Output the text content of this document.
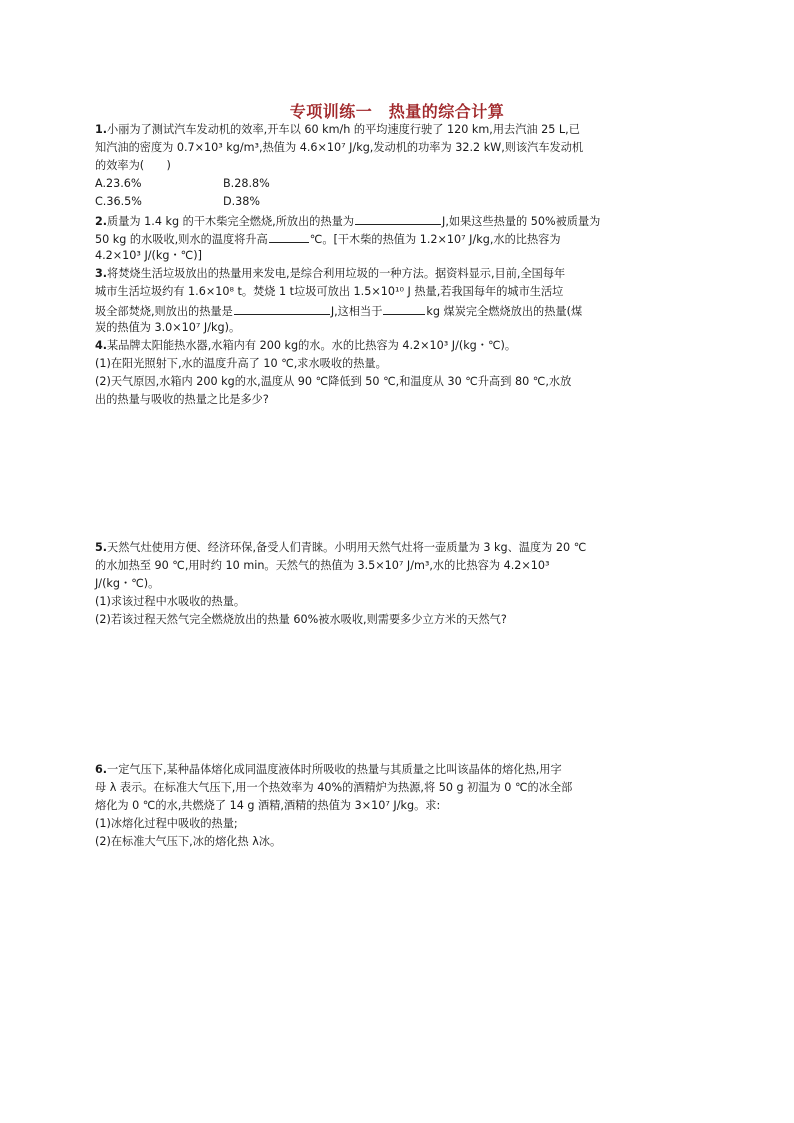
专项训练一　热量的综合计算
1.小丽为了测试汽车发动机的效率,开车以 60 km/h 的平均速度行驶了 120 km,用去汽油 25 L,已
知汽油的密度为 0.7×10³ kg/m³,热值为 4.6×10⁷ J/kg,发动机的功率为 32.2 kW,则该汽车发动机
的效率为(　　)
A.23.6%	B.28.8%
C.36.5%	D.38%
2.质量为 1.4 kg 的干木柴完全燃烧,所放出的热量为	J,如果这些热量的 50%被质量为
50 kg 的水吸收,则水的温度将升高	℃。[干木柴的热值为 1.2×10⁷ J/kg,水的比热容为
4.2×10³ J/(kg・℃)]
3.将焚烧生活垃圾放出的热量用来发电,是综合利用垃圾的一种方法。据资料显示,目前,全国每年
城市生活垃圾约有 1.6×10⁸ t。焚烧 1 t垃圾可放出 1.5×10¹⁰ J 热量,若我国每年的城市生活垃
圾全部焚烧,则放出的热量是	J,这相当于	kg 煤炭完全燃烧放出的热量(煤
炭的热值为 3.0×10⁷ J/kg)。
4.某品牌太阳能热水器,水箱内有 200 kg的水。水的比热容为 4.2×10³ J/(kg・℃)。
(1)在阳光照射下,水的温度升高了 10 ℃,求水吸收的热量。
(2)天气原因,水箱内 200 kg的水,温度从 90 ℃降低到 50 ℃,和温度从 30 ℃升高到 80 ℃,水放
出的热量与吸收的热量之比是多少?
5.天然气灶使用方便、经济环保,备受人们青睐。小明用天然气灶将一壶质量为 3 kg、温度为 20 ℃
的水加热至 90 ℃,用时约 10 min。天然气的热值为 3.5×10⁷ J/m³,水的比热容为 4.2×10³
J/(kg・℃)。
(1)求该过程中水吸收的热量。
(2)若该过程天然气完全燃烧放出的热量 60%被水吸收,则需要多少立方米的天然气?
6.一定气压下,某种晶体熔化成同温度液体时所吸收的热量与其质量之比叫该晶体的熔化热,用字
母 λ 表示。在标准大气压下,用一个热效率为 40%的酒精炉为热源,将 50 g 初温为 0 ℃的冰全部
熔化为 0 ℃的水,共燃烧了 14 g 酒精,酒精的热值为 3×10⁷ J/kg。求:
(1)冰熔化过程中吸收的热量;
(2)在标准大气压下,冰的熔化热 λ冰。
